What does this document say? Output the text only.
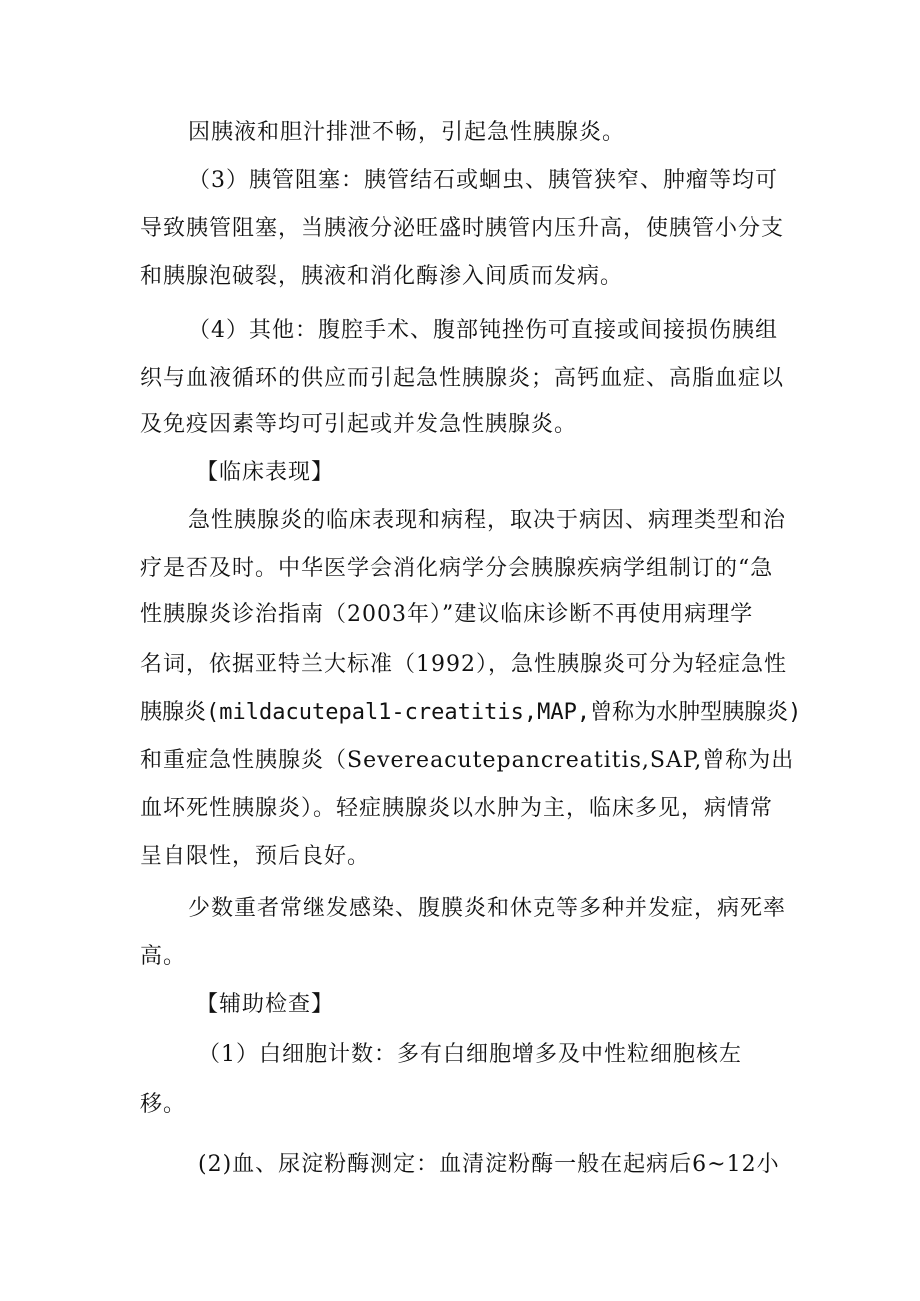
因胰液和胆汁排泄不畅，引起急性胰腺炎。
（3）胰管阻塞：胰管结石或蛔虫、胰管狭窄、肿瘤等均可
导致胰管阻塞，当胰液分泌旺盛时胰管内压升高，使胰管小分支
和胰腺泡破裂，胰液和消化酶渗入间质而发病。
（4）其他：腹腔手术、腹部钝挫伤可直接或间接损伤胰组
织与血液循环的供应而引起急性胰腺炎；高钙血症、高脂血症以
及免疫因素等均可引起或并发急性胰腺炎。
【临床表现】
急性胰腺炎的临床表现和病程，取决于病因、病理类型和治
疗是否及时。中华医学会消化病学分会胰腺疾病学组制订的“急
性胰腺炎诊治指南（2003年）”建议临床诊断不再使用病理学
名词，依据亚特兰大标准（1992），急性胰腺炎可分为轻症急性
胰腺炎(mildacutepal1-creatitis,MAP,曾称为水肿型胰腺炎)
和重症急性胰腺炎（Severeacutepancreatitis,SAP,曾称为出
血坏死性胰腺炎）。轻症胰腺炎以水肿为主，临床多见，病情常
呈自限性，预后良好。
少数重者常继发感染、腹膜炎和休克等多种并发症，病死率
高。
【辅助检查】
（1）白细胞计数：多有白细胞增多及中性粒细胞核左
移。
(2)血、尿淀粉酶测定：血清淀粉酶一般在起病后6~12小
